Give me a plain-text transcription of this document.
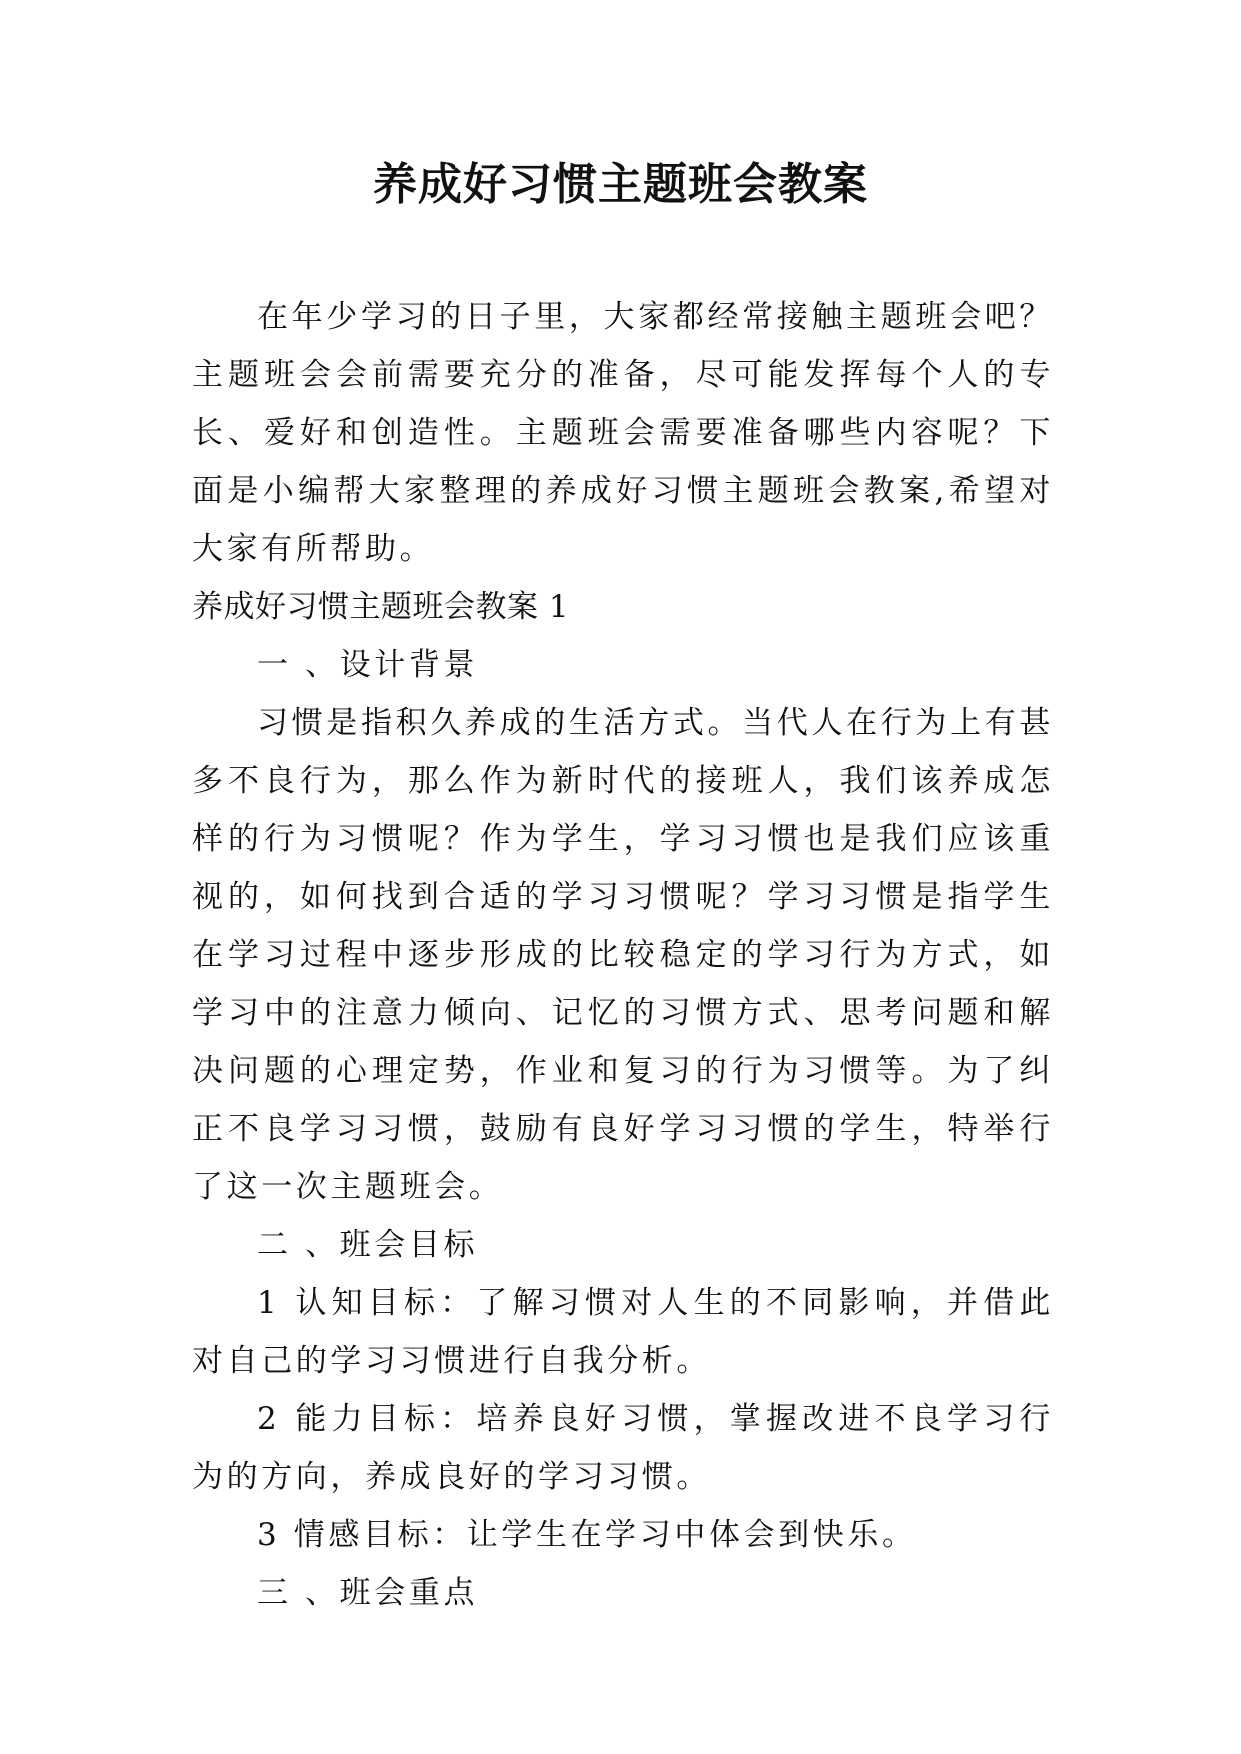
养成好习惯主题班会教案

在年少学习的日子里，大家都经常接触主题班会吧？主题班会会前需要充分的准备，尽可能发挥每个人的专长、爱好和创造性。主题班会需要准备哪些内容呢？下面是小编帮大家整理的养成好习惯主题班会教案,希望对大家有所帮助。

养成好习惯主题班会教案 1

一 、设计背景

习惯是指积久养成的生活方式。当代人在行为上有甚多不良行为，那么作为新时代的接班人，我们该养成怎样的行为习惯呢？作为学生，学习习惯也是我们应该重视的，如何找到合适的学习习惯呢？学习习惯是指学生在学习过程中逐步形成的比较稳定的学习行为方式，如学习中的注意力倾向、记忆的习惯方式、思考问题和解决问题的心理定势，作业和复习的行为习惯等。为了纠正不良学习习惯，鼓励有良好学习习惯的学生，特举行了这一次主题班会。

二 、班会目标

1 认知目标：了解习惯对人生的不同影响，并借此对自己的学习习惯进行自我分析。

2 能力目标：培养良好习惯，掌握改进不良学习行为的方向，养成良好的学习习惯。

3 情感目标：让学生在学习中体会到快乐。

三 、班会重点
